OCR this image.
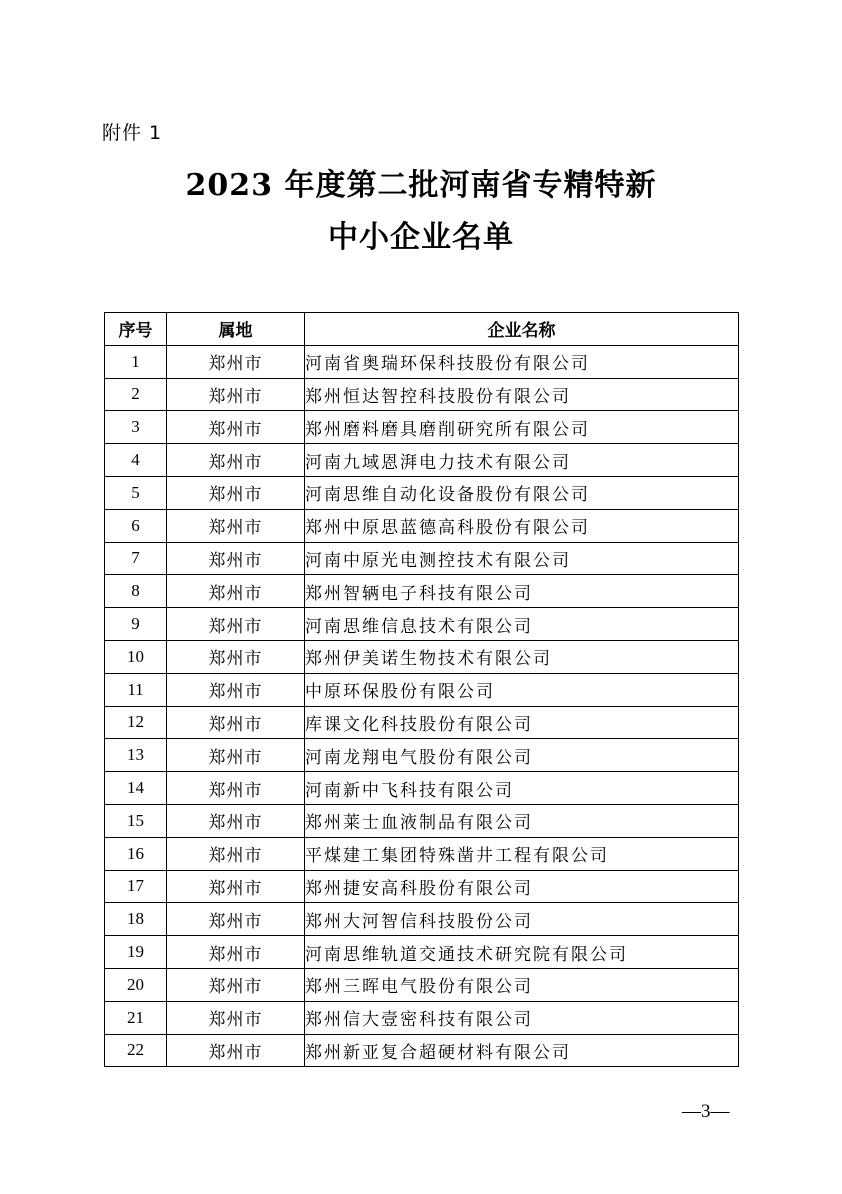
附件 1
2023 年度第二批河南省专精特新
中小企业名单
序号	属地	企业名称
1	郑州市	河南省奥瑞环保科技股份有限公司
2	郑州市	郑州恒达智控科技股份有限公司
3	郑州市	郑州磨料磨具磨削研究所有限公司
4	郑州市	河南九域恩湃电力技术有限公司
5	郑州市	河南思维自动化设备股份有限公司
6	郑州市	郑州中原思蓝德高科股份有限公司
7	郑州市	河南中原光电测控技术有限公司
8	郑州市	郑州智辆电子科技有限公司
9	郑州市	河南思维信息技术有限公司
10	郑州市	郑州伊美诺生物技术有限公司
11	郑州市	中原环保股份有限公司
12	郑州市	库课文化科技股份有限公司
13	郑州市	河南龙翔电气股份有限公司
14	郑州市	河南新中飞科技有限公司
15	郑州市	郑州莱士血液制品有限公司
16	郑州市	平煤建工集团特殊凿井工程有限公司
17	郑州市	郑州捷安高科股份有限公司
18	郑州市	郑州大河智信科技股份公司
19	郑州市	河南思维轨道交通技术研究院有限公司
20	郑州市	郑州三晖电气股份有限公司
21	郑州市	郑州信大壹密科技有限公司
22	郑州市	郑州新亚复合超硬材料有限公司
—3—
